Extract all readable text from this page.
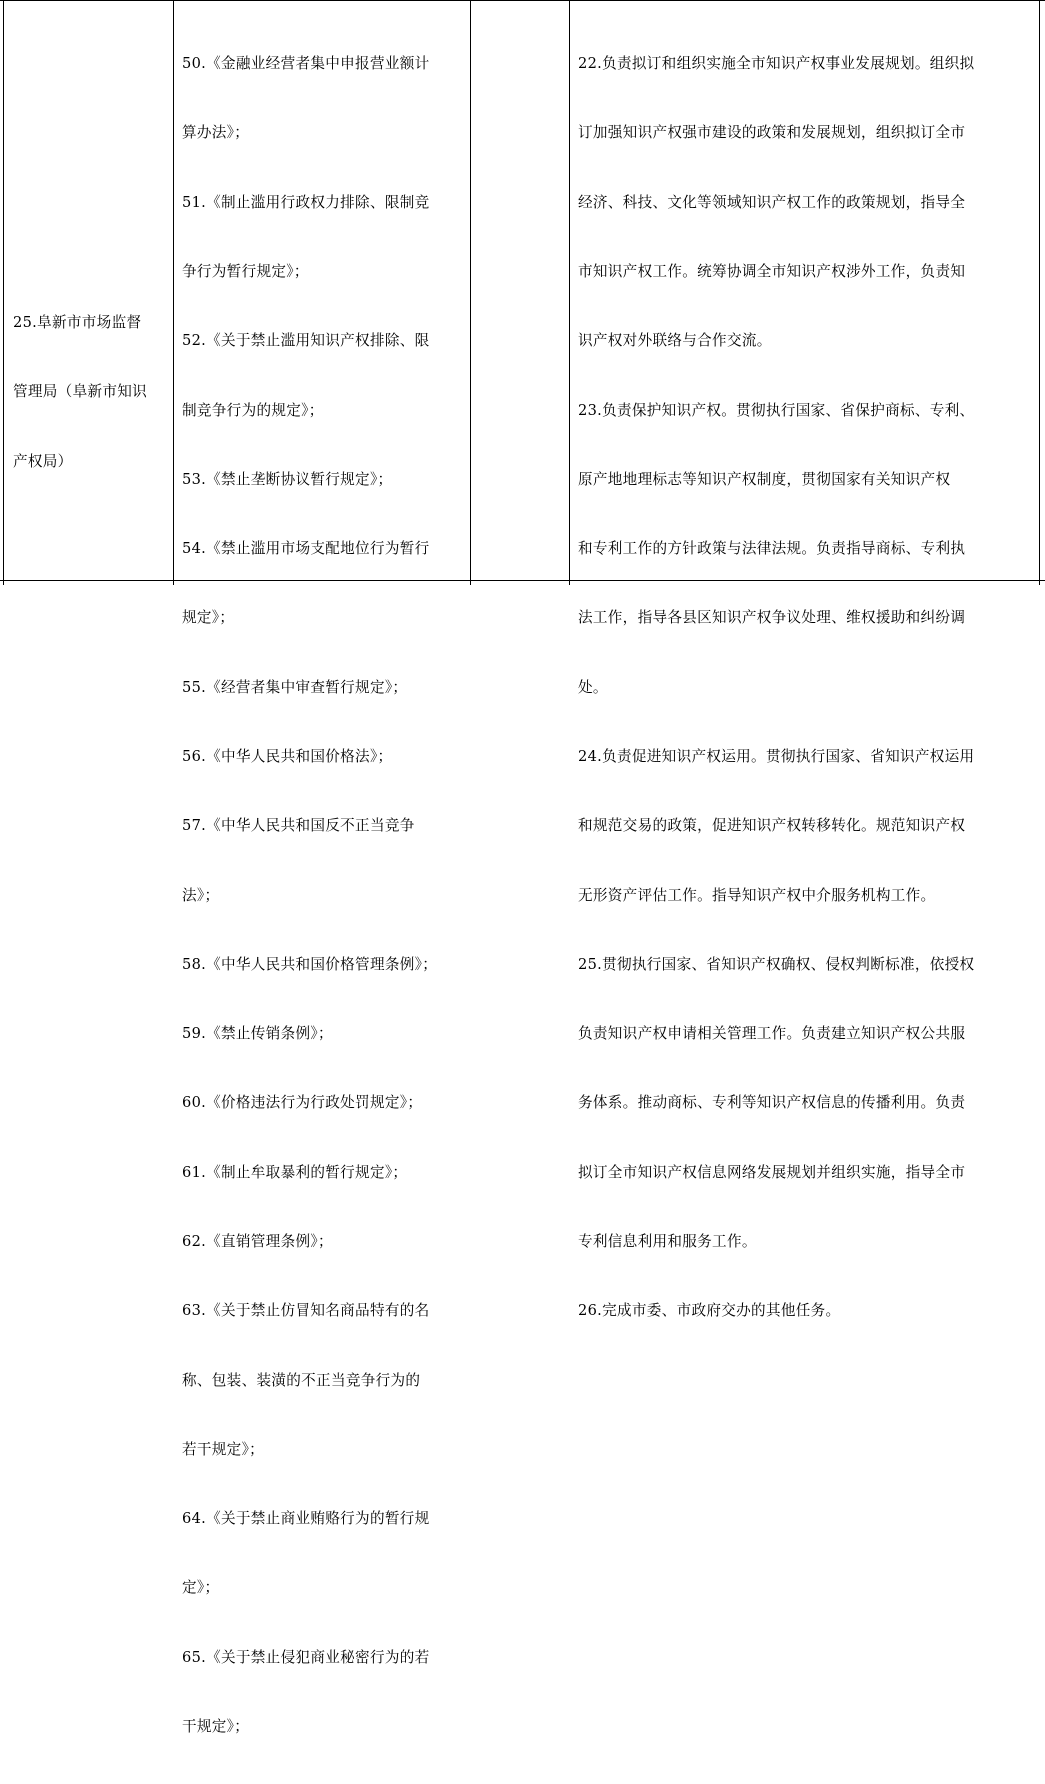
25.阜新市市场监督

管理局（阜新市知识

产权局）

50.《金融业经营者集中申报营业额计

算办法》；

51.《制止滥用行政权力排除、限制竞

争行为暂行规定》；

52.《关于禁止滥用知识产权排除、限

制竞争行为的规定》；

53.《禁止垄断协议暂行规定》；

54.《禁止滥用市场支配地位行为暂行

规定》；

55.《经营者集中审查暂行规定》；

56.《中华人民共和国价格法》；

57.《中华人民共和国反不正当竞争

法》；

58.《中华人民共和国价格管理条例》；

59.《禁止传销条例》；

60.《价格违法行为行政处罚规定》；

61.《制止牟取暴利的暂行规定》；

62.《直销管理条例》；

63.《关于禁止仿冒知名商品特有的名

称、包装、装潢的不正当竞争行为的

若干规定》；

64.《关于禁止商业贿赂行为的暂行规

定》；

65.《关于禁止侵犯商业秘密行为的若

干规定》；

22.负责拟订和组织实施全市知识产权事业发展规划。组织拟

订加强知识产权强市建设的政策和发展规划，组织拟订全市

经济、科技、文化等领域知识产权工作的政策规划，指导全

市知识产权工作。统筹协调全市知识产权涉外工作，负责知

识产权对外联络与合作交流。

23.负责保护知识产权。贯彻执行国家、省保护商标、专利、

原产地地理标志等知识产权制度，贯彻国家有关知识产权

和专利工作的方针政策与法律法规。负责指导商标、专利执

法工作，指导各县区知识产权争议处理、维权援助和纠纷调

处。

24.负责促进知识产权运用。贯彻执行国家、省知识产权运用

和规范交易的政策，促进知识产权转移转化。规范知识产权

无形资产评估工作。指导知识产权中介服务机构工作。

25.贯彻执行国家、省知识产权确权、侵权判断标准，依授权

负责知识产权申请相关管理工作。负责建立知识产权公共服

务体系。推动商标、专利等知识产权信息的传播利用。负责

拟订全市知识产权信息网络发展规划并组织实施，指导全市

专利信息利用和服务工作。

26.完成市委、市政府交办的其他任务。
